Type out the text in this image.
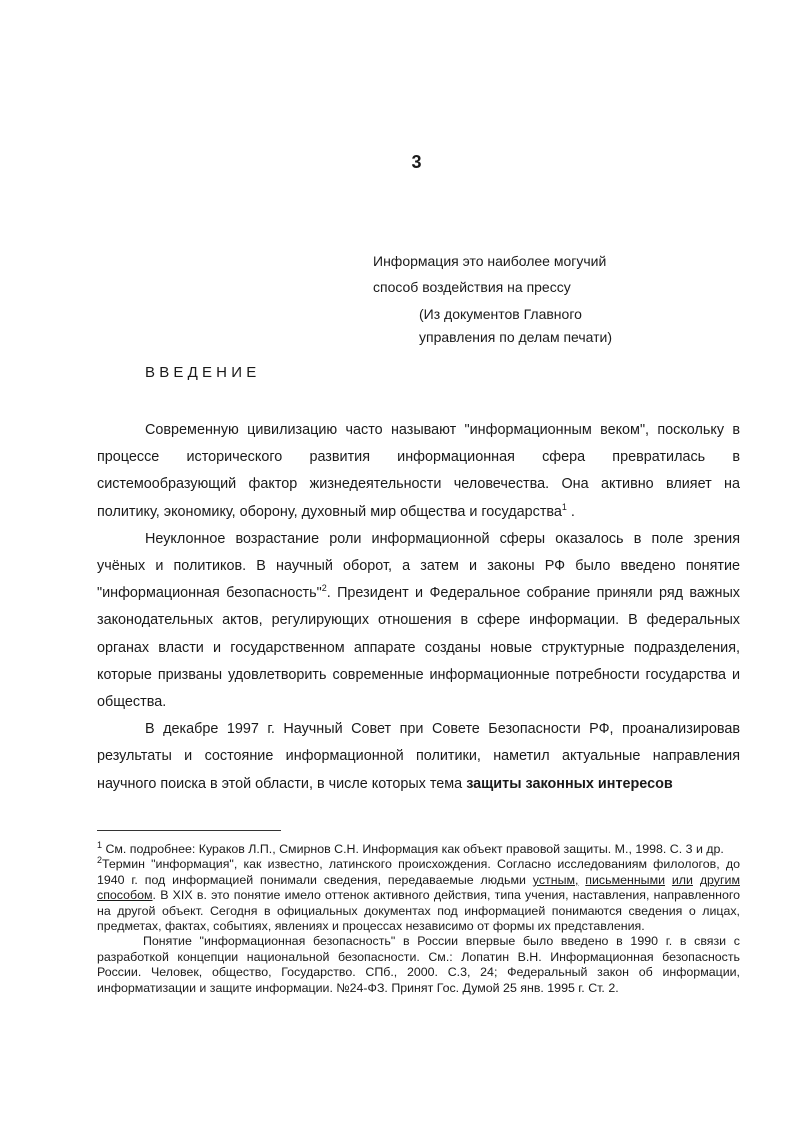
3
Информация это наиболее могучий
способ воздействия на прессу
(Из документов Главного
управления по делам печати)
ВВЕДЕНИЕ

Современную цивилизацию часто называют "информационным веком", поскольку в процессе исторического развития информационная сфера превратилась в системообразующий фактор жизнедеятельности человечества. Она активно влияет на политику, экономику, оборону, духовный мир общества и государства$^1$ .

Неуклонное возрастание роли информационной сферы оказалось в поле зрения учёных и политиков. В научный оборот, а затем и законы РФ было введено понятие "информационная безопасность"$^2$. Президент и Федеральное собрание приняли ряд важных законодательных актов, регулирующих отношения в сфере информации. В федеральных органах власти и государственном аппарате созданы новые структурные подразделения, которые призваны удовлетворить современные информационные потребности государства и общества.

В декабре 1997 г. Научный Совет при Совете Безопасности РФ, проанализировав результаты и состояние информационной политики, наметил актуальные направления научного поиска в этой области, в числе которых тема защиты законных интересов

$^1$ См. подробнее: Кураков Л.П., Смирнов С.Н. Информация как объект правовой защиты. М., 1998. С. 3 и др.

$^2$Термин "информация", как известно, латинского происхождения. Согласно исследованиям филологов, до 1940 г. под информацией понимали сведения, передаваемые людьми устным, письменными или другим способом. В XIX в. это понятие имело оттенок активного действия, типа учения, наставления, направленного на другой объект. Сегодня в официальных документах под информацией понимаются сведения о лицах, предметах, фактах, событиях, явлениях и процессах независимо от формы их представления.

Понятие "информационная безопасность" в России впервые было введено в 1990 г. в связи с разработкой концепции национальной безопасности. См.: Лопатин В.Н. Информационная безопасность России. Человек, общество, Государство. СПб., 2000. С.3, 24; Федеральный закон об информации, информатизации и защите информации. №24-ФЗ. Принят Гос. Думой 25 янв. 1995 г. Ст. 2.
